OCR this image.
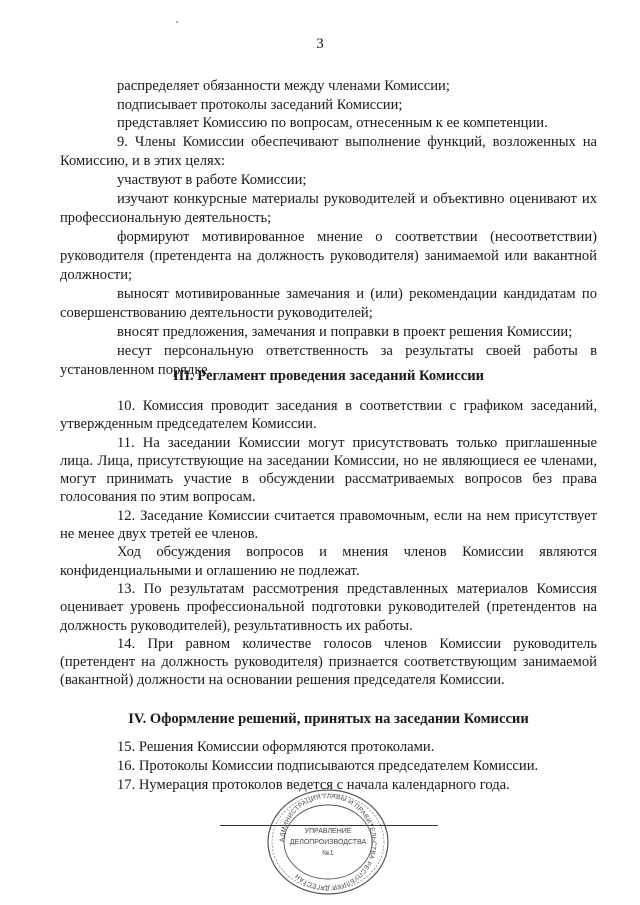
3

распределяет обязанности между членами Комиссии;

подписывает протоколы заседаний Комиссии;

представляет Комиссию по вопросам, отнесенным к ее компетенции.

9. Члены Комиссии обеспечивают выполнение функций, возложенных на Комиссию, и в этих целях:

участвуют в работе Комиссии;

изучают конкурсные материалы руководителей и объективно оценивают их профессиональную деятельность;

формируют мотивированное мнение о соответствии (несоответствии) руководителя (претендента на должность руководителя) занимаемой или вакантной должности;

выносят мотивированные замечания и (или) рекомендации кандидатам по совершенствованию деятельности руководителей;

вносят предложения, замечания и поправки в проект решения Комиссии;

несут персональную ответственность за результаты своей работы в установленном порядке.

III. Регламент проведения заседаний Комиссии

10. Комиссия проводит заседания в соответствии с графиком заседаний, утвержденным председателем Комиссии.

11. На заседании Комиссии могут присутствовать только приглашенные лица. Лица, присутствующие на заседании Комиссии, но не являющиеся ее членами, могут принимать участие в обсуждении рассматриваемых вопросов без права голосования по этим вопросам.

12. Заседание Комиссии считается правомочным, если на нем присутствует не менее двух третей ее членов.

Ход обсуждения вопросов и мнения членов Комиссии являются конфиденциальными и оглашению не подлежат.

13. По результатам рассмотрения представленных материалов Комиссия оценивает уровень профессиональной подготовки руководителей (претендентов на должность руководителей), результативность их работы.

14. При равном количестве голосов членов Комиссии руководитель (претендент на должность руководителя) признается соответствующим занимаемой (вакантной) должности на основании решения председателя Комиссии.

IV. Оформление решений, принятых на заседании Комиссии

15. Решения Комиссии оформляются протоколами.

16. Протоколы Комиссии подписываются председателем Комиссии.

17. Нумерация протоколов ведется с начала календарного года.

АДМИНИСТРАЦИЯ ГЛАВЫ И ПРАВИТЕЛЬСТВА РЕСПУБЛИКИ ДАГЕСТАН
УПРАВЛЕНИЕ
ДЕЛОПРОИЗВОДСТВА
№1
